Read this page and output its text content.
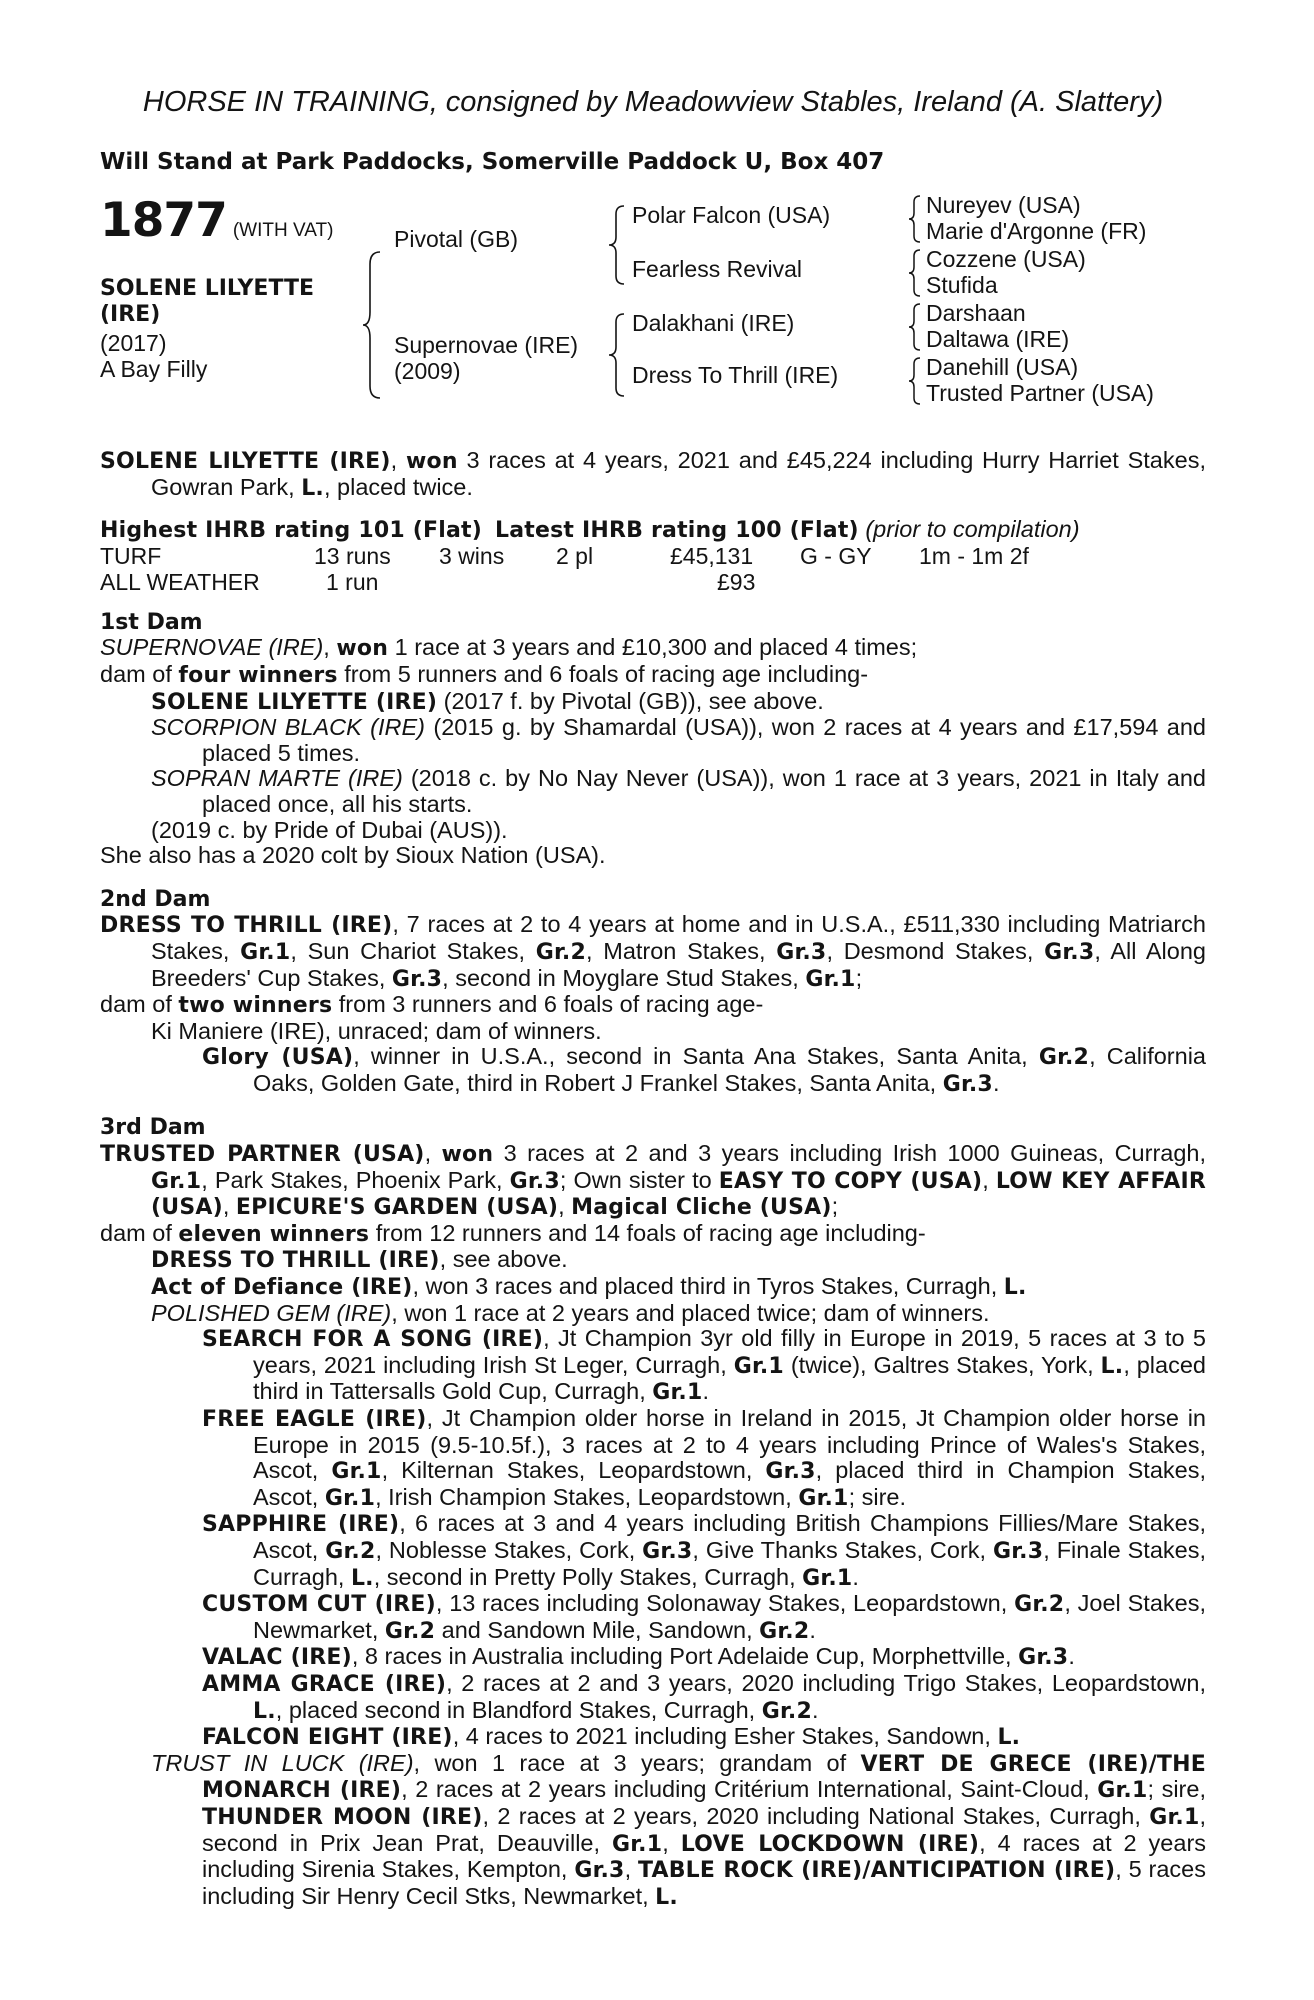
HORSE IN TRAINING, consigned by Meadowview Stables, Ireland (A. Slattery)

Will Stand at Park Paddocks, Somerville Paddock U, Box 407
1877 (WITH VAT)
SOLENE LILYETTE
(IRE)
(2017)
A Bay Filly
Pivotal (GB)
Supernovae (IRE)
(2009)
Polar Falcon (USA)
Fearless Revival
Dalakhani (IRE)
Dress To Thrill (IRE)
Nureyev (USA)
Marie d'Argonne (FR)
Cozzene (USA)
Stufida
Darshaan
Daltawa (IRE)
Danehill (USA)
Trusted Partner (USA)

SOLENE LILYETTE (IRE), won 3 races at 4 years, 2021 and £45,224 including Hurry Harriet Stakes, Gowran Park, L., placed twice.

Highest IHRB rating 101 (Flat) Latest IHRB rating 100 (Flat) (prior to compilation)
TURF	13 runs 3 wins 2 pl	£45,131 G - GY 1m - 1m 2f
ALL WEATHER	1 run	£93
1st Dam

SUPERNOVAE (IRE), won 1 race at 3 years and £10,300 and placed 4 times;

dam of four winners from 5 runners and 6 foals of racing age including-

SOLENE LILYETTE (IRE) (2017 f. by Pivotal (GB)), see above.

SCORPION BLACK (IRE) (2015 g. by Shamardal (USA)), won 2 races at 4 years and £17,594 and placed 5 times.

SOPRAN MARTE (IRE) (2018 c. by No Nay Never (USA)), won 1 race at 3 years, 2021 in Italy and placed once, all his starts.

(2019 c. by Pride of Dubai (AUS)).

She also has a 2020 colt by Sioux Nation (USA).

2nd Dam

DRESS TO THRILL (IRE), 7 races at 2 to 4 years at home and in U.S.A., £511,330 including Matriarch Stakes, Gr.1, Sun Chariot Stakes, Gr.2, Matron Stakes, Gr.3, Desmond Stakes, Gr.3, All Along Breeders' Cup Stakes, Gr.3, second in Moyglare Stud Stakes, Gr.1;

dam of two winners from 3 runners and 6 foals of racing age-

Ki Maniere (IRE), unraced; dam of winners.

Glory (USA), winner in U.S.A., second in Santa Ana Stakes, Santa Anita, Gr.2, California Oaks, Golden Gate, third in Robert J Frankel Stakes, Santa Anita, Gr.3.

3rd Dam

TRUSTED PARTNER (USA), won 3 races at 2 and 3 years including Irish 1000 Guineas, Curragh, Gr.1, Park Stakes, Phoenix Park, Gr.3; Own sister to EASY TO COPY (USA), LOW KEY AFFAIR (USA), EPICURE'S GARDEN (USA), Magical Cliche (USA);

dam of eleven winners from 12 runners and 14 foals of racing age including-

DRESS TO THRILL (IRE), see above.

Act of Defiance (IRE), won 3 races and placed third in Tyros Stakes, Curragh, L.

POLISHED GEM (IRE), won 1 race at 2 years and placed twice; dam of winners.

SEARCH FOR A SONG (IRE), Jt Champion 3yr old filly in Europe in 2019, 5 races at 3 to 5 years, 2021 including Irish St Leger, Curragh, Gr.1 (twice), Galtres Stakes, York, L., placed third in Tattersalls Gold Cup, Curragh, Gr.1.

FREE EAGLE (IRE), Jt Champion older horse in Ireland in 2015, Jt Champion older horse in Europe in 2015 (9.5-10.5f.), 3 races at 2 to 4 years including Prince of Wales's Stakes, Ascot, Gr.1, Kilternan Stakes, Leopardstown, Gr.3, placed third in Champion Stakes, Ascot, Gr.1, Irish Champion Stakes, Leopardstown, Gr.1; sire.

SAPPHIRE (IRE), 6 races at 3 and 4 years including British Champions Fillies/Mare Stakes, Ascot, Gr.2, Noblesse Stakes, Cork, Gr.3, Give Thanks Stakes, Cork, Gr.3, Finale Stakes, Curragh, L., second in Pretty Polly Stakes, Curragh, Gr.1.

CUSTOM CUT (IRE), 13 races including Solonaway Stakes, Leopardstown, Gr.2, Joel Stakes, Newmarket, Gr.2 and Sandown Mile, Sandown, Gr.2.

VALAC (IRE), 8 races in Australia including Port Adelaide Cup, Morphettville, Gr.3.

AMMA GRACE (IRE), 2 races at 2 and 3 years, 2020 including Trigo Stakes, Leopardstown, L., placed second in Blandford Stakes, Curragh, Gr.2.

FALCON EIGHT (IRE), 4 races to 2021 including Esher Stakes, Sandown, L.

TRUST IN LUCK (IRE), won 1 race at 3 years; grandam of VERT DE GRECE (IRE)/THE MONARCH (IRE), 2 races at 2 years including Critérium International, Saint-Cloud, Gr.1; sire, THUNDER MOON (IRE), 2 races at 2 years, 2020 including National Stakes, Curragh, Gr.1, second in Prix Jean Prat, Deauville, Gr.1, LOVE LOCKDOWN (IRE), 4 races at 2 years including Sirenia Stakes, Kempton, Gr.3, TABLE ROCK (IRE)/ANTICIPATION (IRE), 5 races including Sir Henry Cecil Stks, Newmarket, L.
